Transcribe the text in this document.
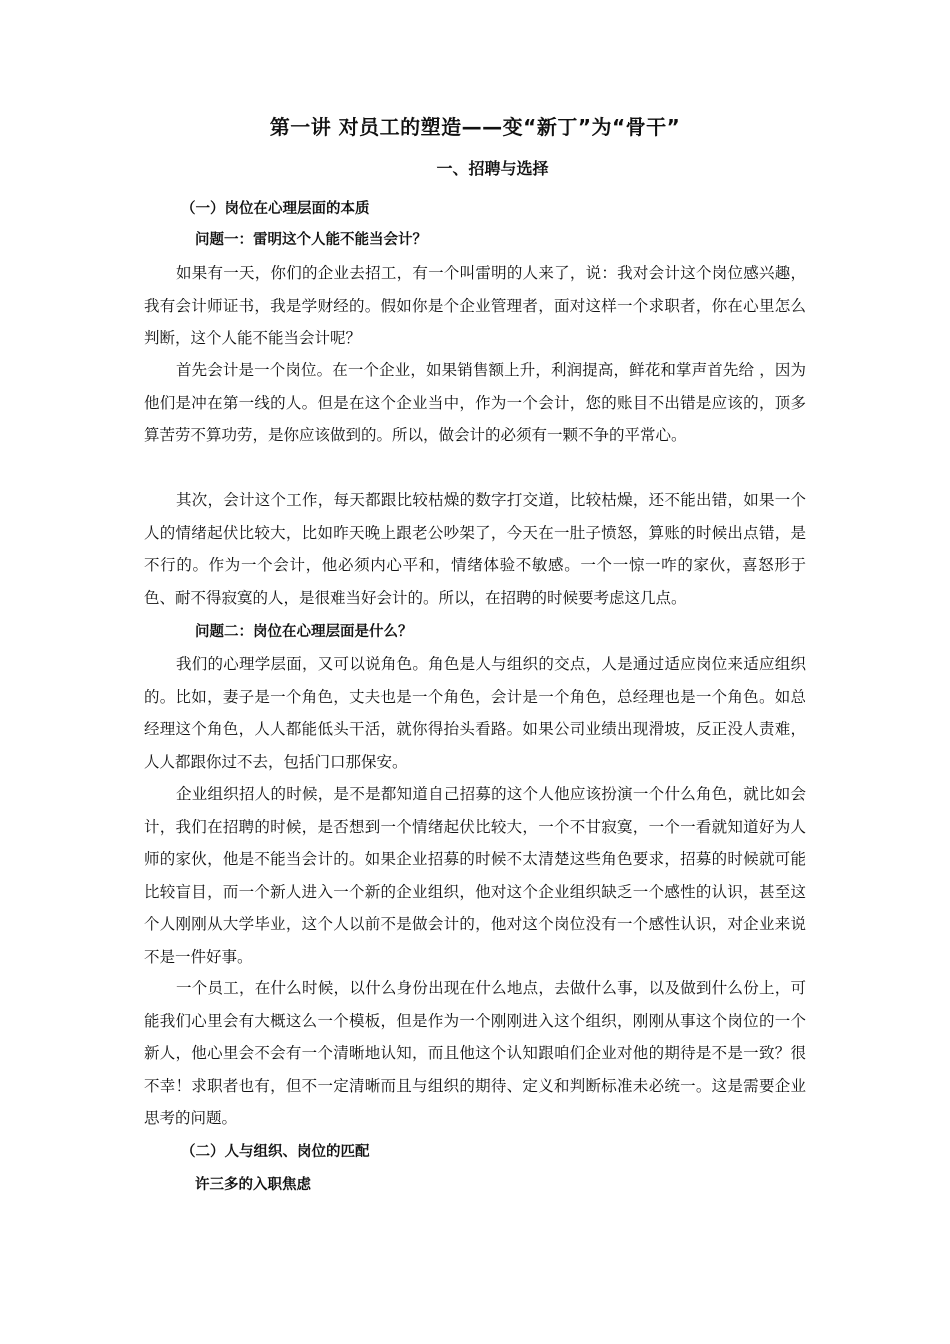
第一讲 对员工的塑造——变“新丁”为“骨干”
一、招聘与选择
（一）岗位在心理层面的本质
问题一：雷明这个人能不能当会计？

如果有一天，你们的企业去招工，有一个叫雷明的人来了，说：我对会计这个岗位感兴趣，我有会计师证书，我是学财经的。假如你是个企业管理者，面对这样一个求职者，你在心里怎么判断，这个人能不能当会计呢？

首先会计是一个岗位。在一个企业，如果销售额上升，利润提高，鲜花和掌声首先给 ，因为他们是冲在第一线的人。但是在这个企业当中，作为一个会计，您的账目不出错是应该的，顶多算苦劳不算功劳，是你应该做到的。所以，做会计的必须有一颗不争的平常心。

其次，会计这个工作，每天都跟比较枯燥的数字打交道，比较枯燥，还不能出错，如果一个人的情绪起伏比较大，比如昨天晚上跟老公吵架了，今天在一肚子愤怒，算账的时候出点错，是不行的。作为一个会计，他必须内心平和，情绪体验不敏感。一个一惊一咋的家伙，喜怒形于色、耐不得寂寞的人，是很难当好会计的。所以，在招聘的时候要考虑这几点。

问题二：岗位在心理层面是什么？

我们的心理学层面，又可以说角色。角色是人与组织的交点，人是通过适应岗位来适应组织的。比如，妻子是一个角色，丈夫也是一个角色，会计是一个角色，总经理也是一个角色。如总经理这个角色，人人都能低头干活，就你得抬头看路。如果公司业绩出现滑坡，反正没人责难，人人都跟你过不去，包括门口那保安。

企业组织招人的时候，是不是都知道自己招募的这个人他应该扮演一个什么角色，就比如会计，我们在招聘的时候，是否想到一个情绪起伏比较大，一个不甘寂寞，一个一看就知道好为人师的家伙，他是不能当会计的。如果企业招募的时候不太清楚这些角色要求，招募的时候就可能比较盲目，而一个新人进入一个新的企业组织，他对这个企业组织缺乏一个感性的认识，甚至这个人刚刚从大学毕业，这个人以前不是做会计的，他对这个岗位没有一个感性认识，对企业来说不是一件好事。

一个员工，在什么时候，以什么身份出现在什么地点，去做什么事，以及做到什么份上，可能我们心里会有大概这么一个模板，但是作为一个刚刚进入这个组织，刚刚从事这个岗位的一个新人，他心里会不会有一个清晰地认知，而且他这个认知跟咱们企业对他的期待是不是一致？很不幸！求职者也有，但不一定清晰而且与组织的期待、定义和判断标准未必统一。这是需要企业思考的问题。

（二）人与组织、岗位的匹配
许三多的入职焦虑
